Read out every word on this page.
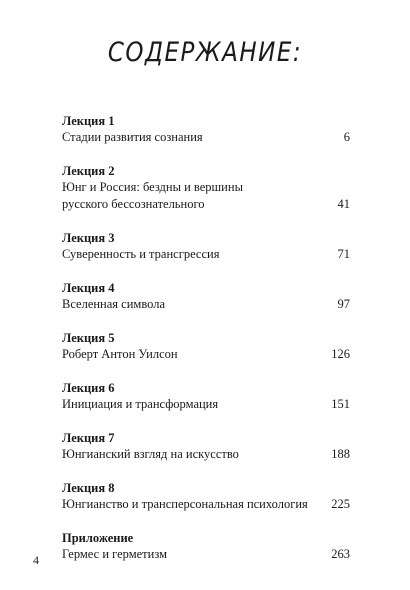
СОДЕРЖАНИЕ:
Лекция 1
Стадии развития сознания	6
Лекция 2
Юнг и Россия: бездны и вершины
русского бессознательного	41
Лекция 3
Суверенность и трансгрессия	71
Лекция 4
Вселенная символа	97
Лекция 5
Роберт Антон Уилсон	126
Лекция 6
Инициация и трансформация	151
Лекция 7
Юнгианский взгляд на искусство	188
Лекция 8
Юнгианство и трансперсональная психология	225
Приложение
Гермес и герметизм	263
4
